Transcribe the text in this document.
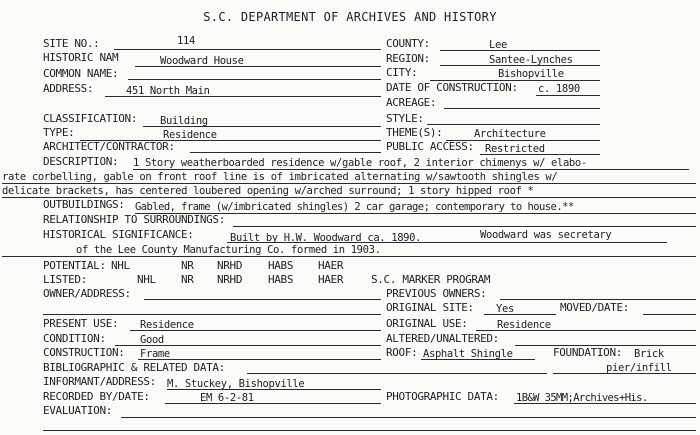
S.C. DEPARTMENT OF ARCHIVES AND HISTORY
SITE NO.:	114
HISTORIC NAM	Woodward House
COMMON NAME:
ADDRESS:	451 North Main
CLASSIFICATION: Building
TYPE:	Residence
ARCHITECT/CONTRACTOR:
COUNTY:	Lee
REGION:	Santee-Lynches
CITY:	Bishopville
DATE OF CONSTRUCTION: c. 1890
ACREAGE:
STYLE:
THEME(S):	Architecture
PUBLIC ACCESS: Restricted
DESCRIPTION: 1 Story weatherboarded residence w/gable roof, 2 interior chimenys w/ elabo-
rate corbelling, gable on front roof line is of imbricated alternating w/sawtooth shingles w/
delicate brackets, has centered loubered opening w/arched surround; 1 story hipped roof *
OUTBUILDINGS: Gabled, frame (w/imbricated shingles) 2 car garage; contemporary to house.**
RELATIONSHIP TO SURROUNDINGS:
HISTORICAL SIGNIFICANCE:	Built by H.W. Woodward ca. 1890.	Woodward was secretary
of the Lee County Manufacturing Co. formed in 1903.
POTENTIAL: NHL	NR NRHD HABS HAER
LISTED:	NHL NR NRHD HABS HAER	S.C. MARKER PROGRAM
OWNER/ADDRESS:	PREVIOUS OWNERS:
ORIGINAL SITE: Yes	MOVED/DATE:
PRESENT USE: Residence	ORIGINAL USE:	Residence
CONDITION:	Good	ALTERED/UNALTERED:
CONSTRUCTION: Frame	ROOF: Asphalt Shingle	FOUNDATION: Brick
pier/infill
BIBLIOGRAPHIC & RELATED DATA:
INFORMANT/ADDRESS: M. Stuckey, Bishopville
RECORDED BY/DATE:	EM 6-2-81	PHOTOGRAPHIC DATA: 1B&W 35MM;Archives+His.
EVALUATION:
